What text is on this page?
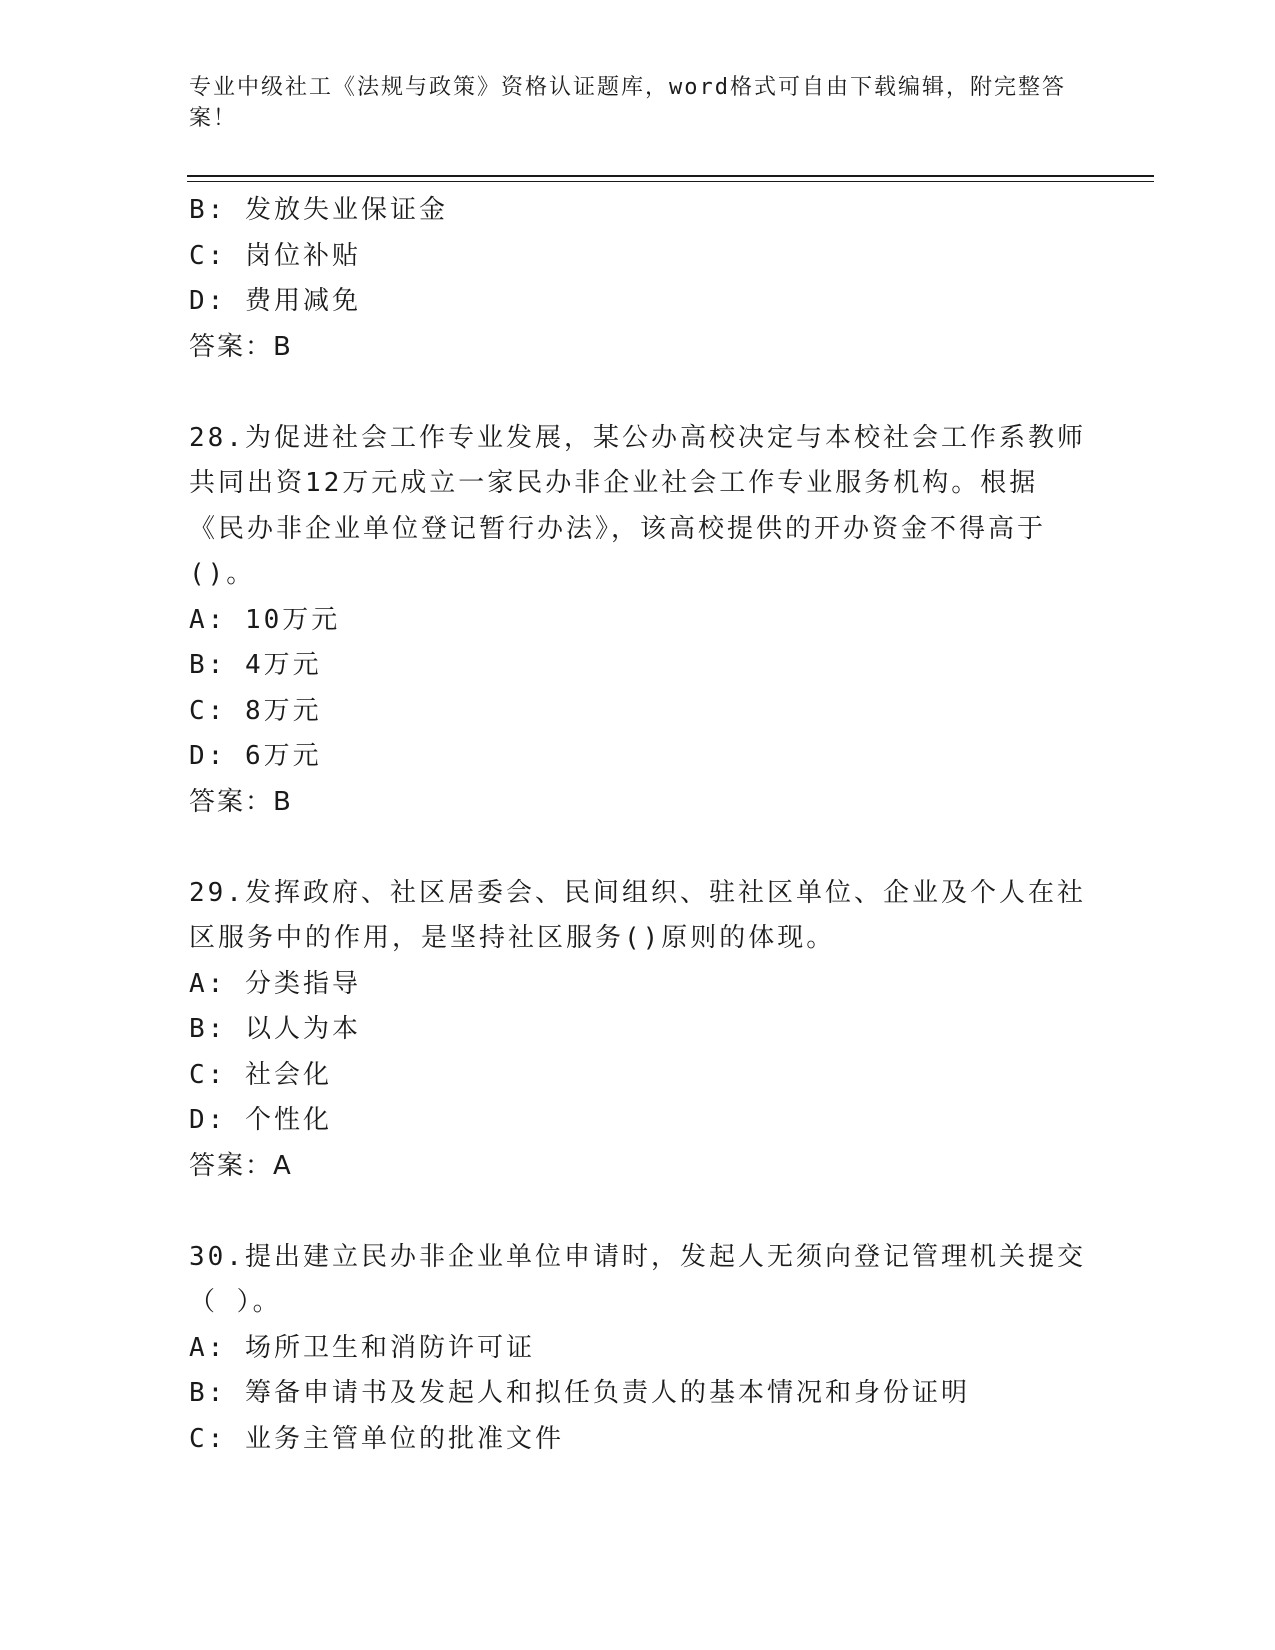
专业中级社工《法规与政策》资格认证题库，word格式可自由下载编辑，附完整答案！

B: 发放失业保证金

C: 岗位补贴

D: 费用减免

答案：B

28.为促进社会工作专业发展，某公办高校决定与本校社会工作系教师共同出资12万元成立一家民办非企业社会工作专业服务机构。根据《民办非企业单位登记暂行办法》，该高校提供的开办资金不得高于()。

A: 10万元

B: 4万元

C: 8万元

D: 6万元

答案：B

29.发挥政府、社区居委会、民间组织、驻社区单位、企业及个人在社区服务中的作用，是坚持社区服务()原则的体现。

A: 分类指导

B: 以人为本

C: 社会化

D: 个性化

答案：A

30.提出建立民办非企业单位申请时，发起人无须向登记管理机关提交（ ）。

A: 场所卫生和消防许可证

B: 筹备申请书及发起人和拟任负责人的基本情况和身份证明

C: 业务主管单位的批准文件
